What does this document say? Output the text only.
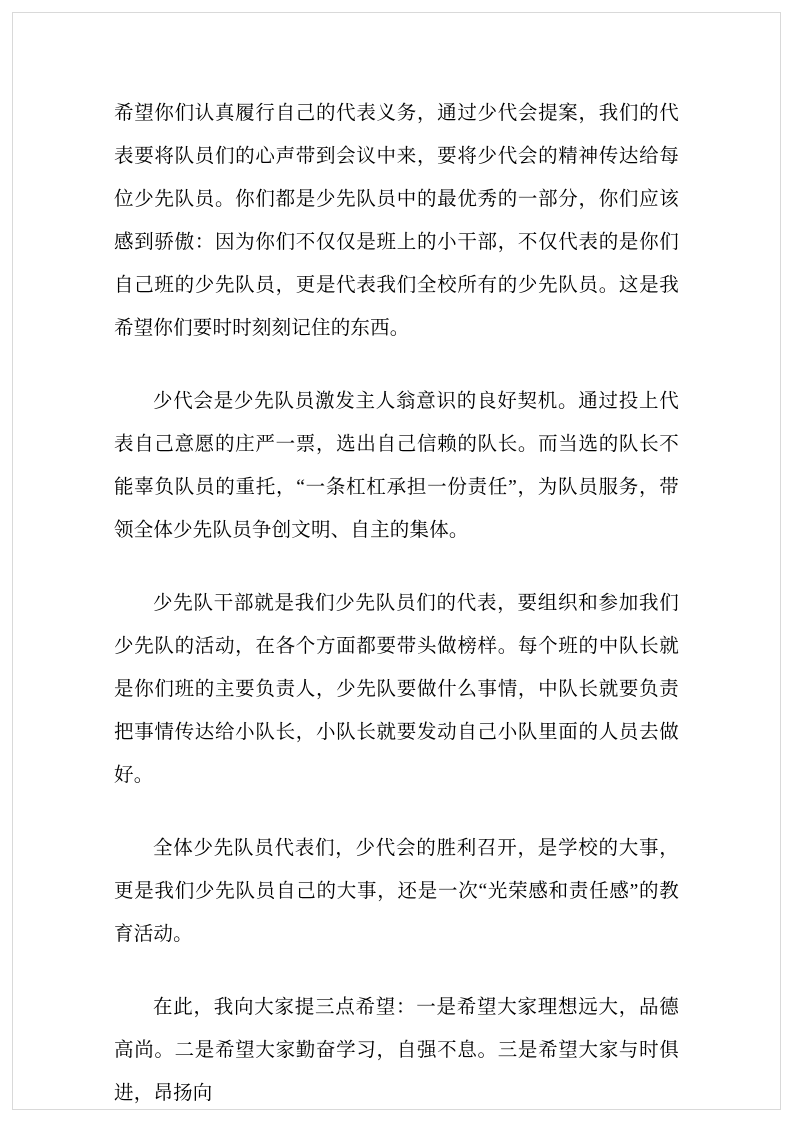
希望你们认真履行自己的代表义务，通过少代会提案，我们的代表要将队员们的心声带到会议中来，要将少代会的精神传达给每位少先队员。你们都是少先队员中的最优秀的一部分，你们应该感到骄傲：因为你们不仅仅是班上的小干部，不仅代表的是你们自己班的少先队员，更是代表我们全校所有的少先队员。这是我希望你们要时时刻刻记住的东西。

少代会是少先队员激发主人翁意识的良好契机。通过投上代表自己意愿的庄严一票，选出自己信赖的队长。而当选的队长不能辜负队员的重托，“一条杠杠承担一份责任”，为队员服务，带领全体少先队员争创文明、自主的集体。

少先队干部就是我们少先队员们的代表，要组织和参加我们少先队的活动，在各个方面都要带头做榜样。每个班的中队长就是你们班的主要负责人，少先队要做什么事情，中队长就要负责把事情传达给小队长，小队长就要发动自己小队里面的人员去做好。

全体少先队员代表们，少代会的胜利召开，是学校的大事，更是我们少先队员自己的大事，还是一次“光荣感和责任感”的教育活动。

在此，我向大家提三点希望：一是希望大家理想远大，品德高尚。二是希望大家勤奋学习，自强不息。三是希望大家与时俱进，昂扬向
